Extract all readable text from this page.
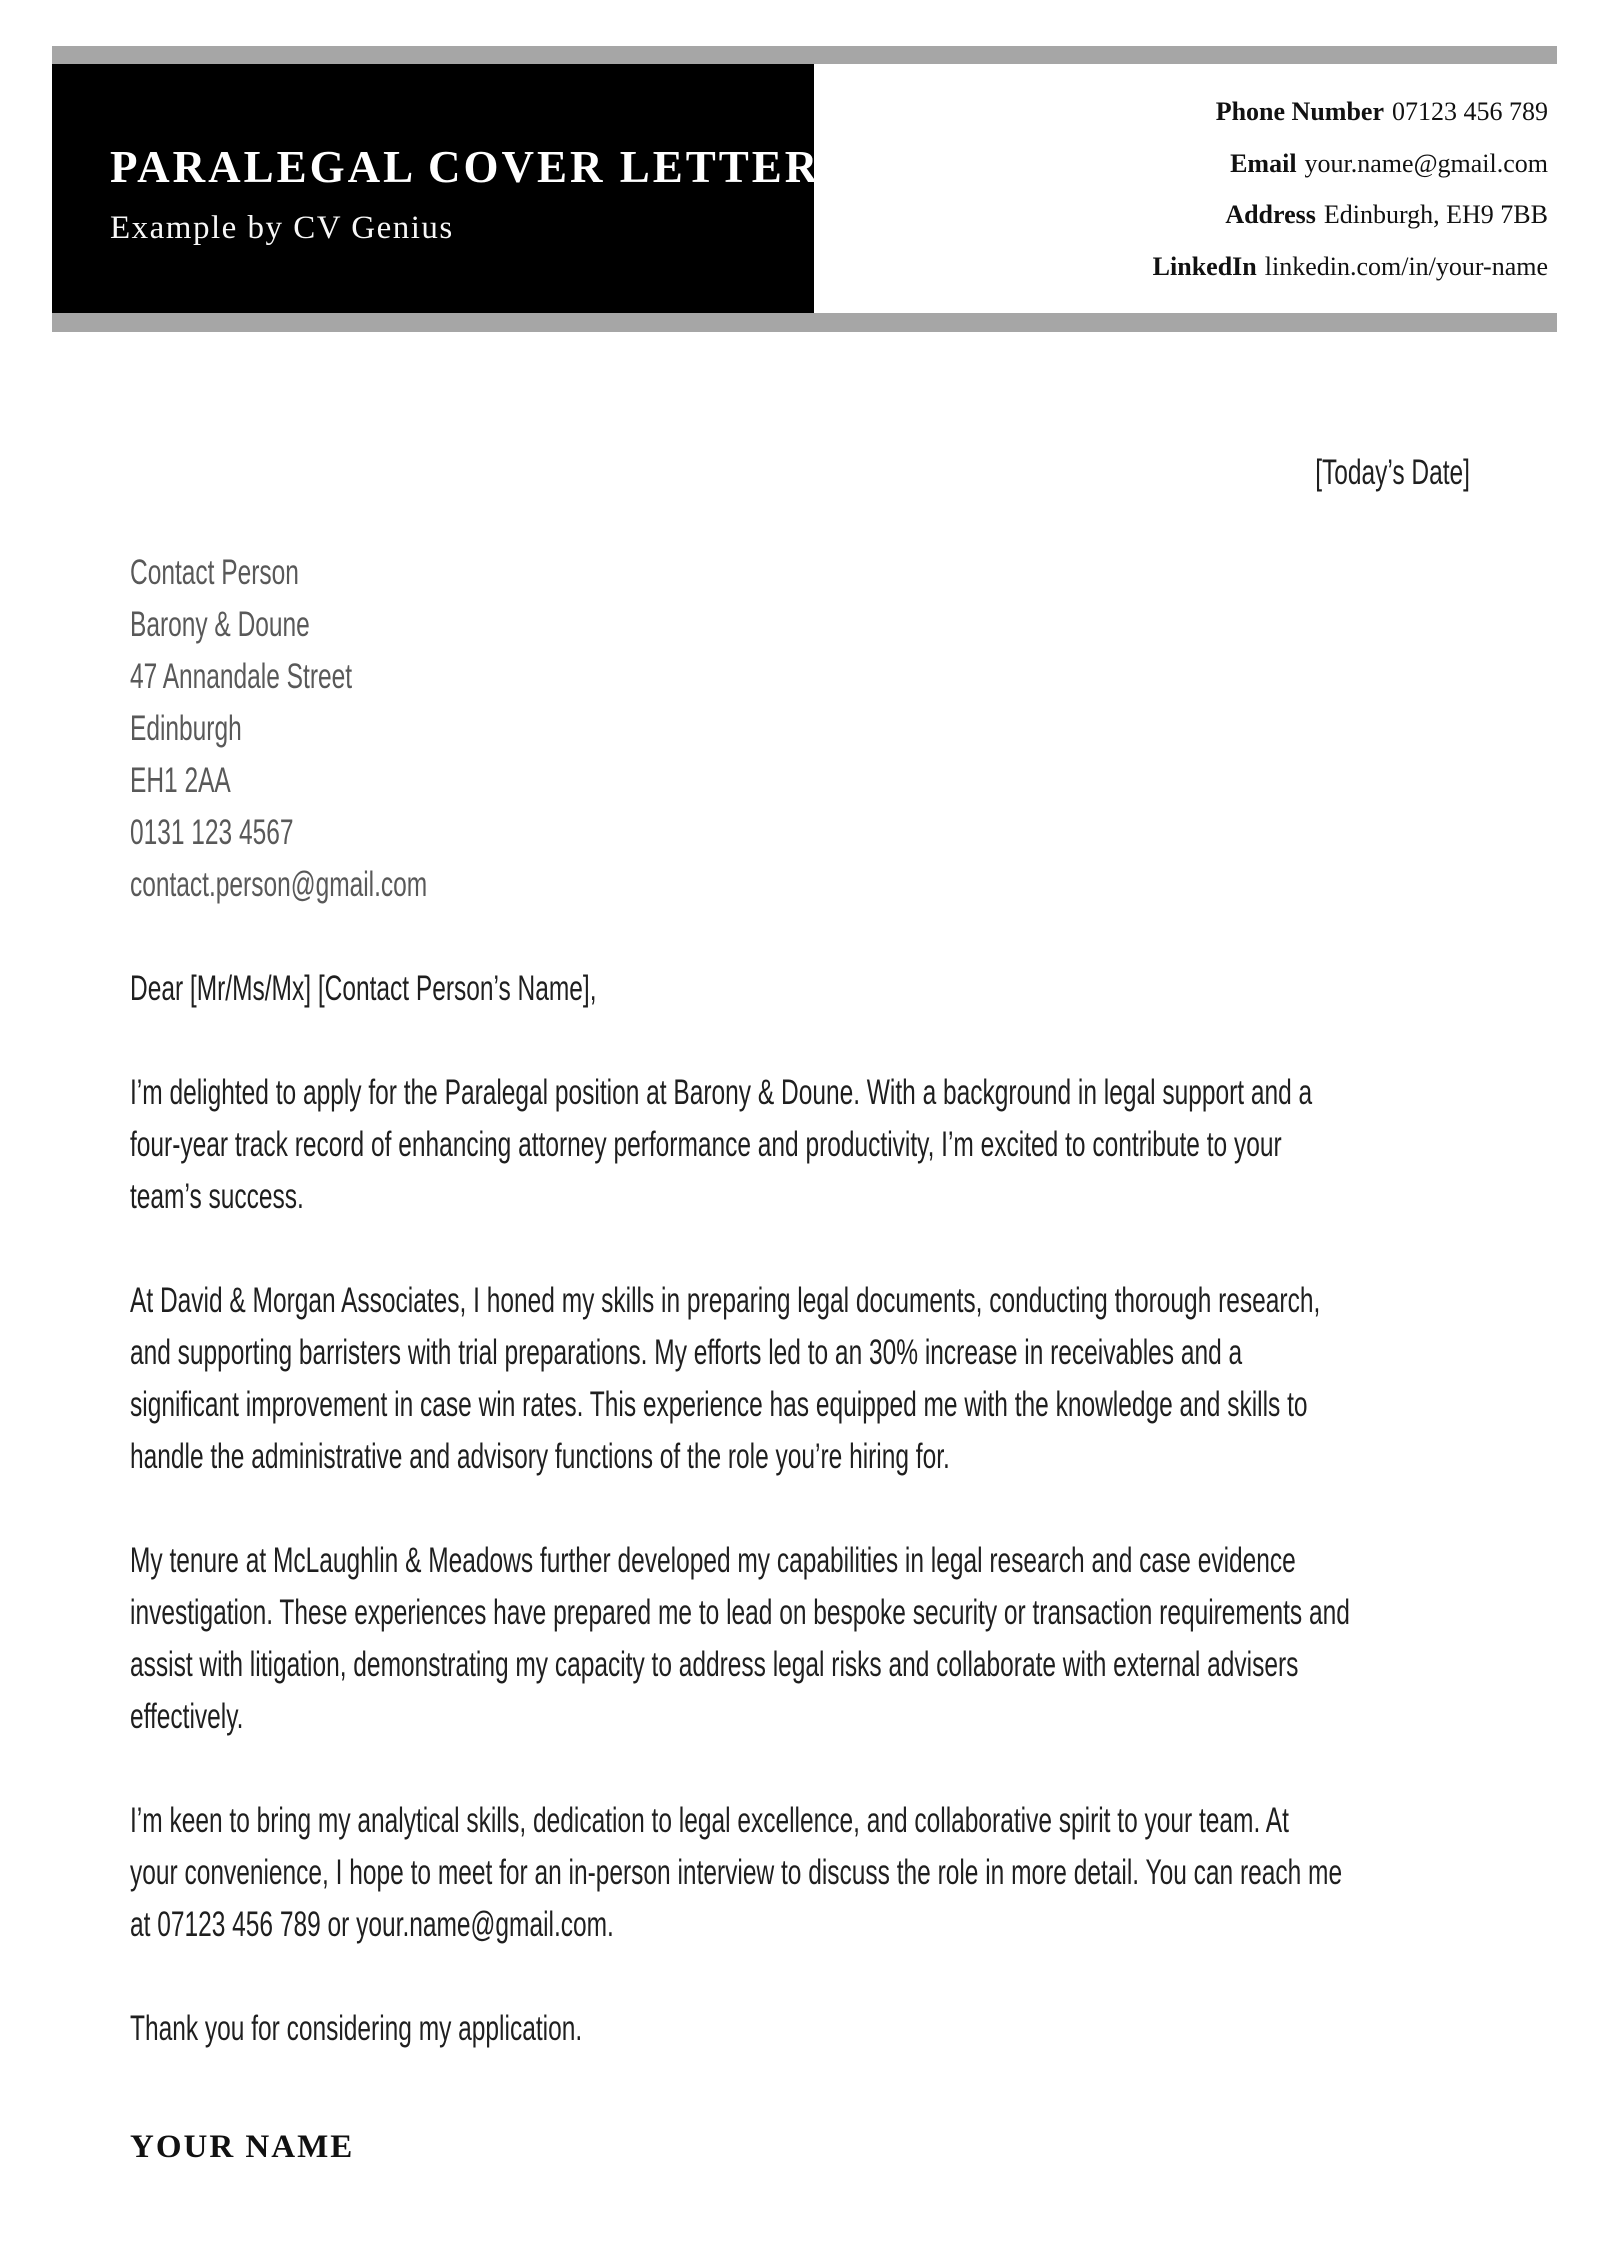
PARALEGAL COVER LETTER
Example by CV Genius
Phone Number 07123 456 789
Email your.name@gmail.com
Address Edinburgh, EH9 7BB
LinkedIn linkedin.com/in/your-name
[Today’s Date]
Contact Person
Barony & Doune
47 Annandale Street
Edinburgh
EH1 2AA
0131 123 4567
contact.person@gmail.com
Dear [Mr/Ms/Mx] [Contact Person’s Name],
I’m delighted to apply for the Paralegal position at Barony & Doune. With a background in legal support and a
four-year track record of enhancing attorney performance and productivity, I’m excited to contribute to your
team’s success.
At David & Morgan Associates, I honed my skills in preparing legal documents, conducting thorough research,
and supporting barristers with trial preparations. My efforts led to an 30% increase in receivables and a
significant improvement in case win rates. This experience has equipped me with the knowledge and skills to
handle the administrative and advisory functions of the role you’re hiring for.
My tenure at McLaughlin & Meadows further developed my capabilities in legal research and case evidence
investigation. These experiences have prepared me to lead on bespoke security or transaction requirements and
assist with litigation, demonstrating my capacity to address legal risks and collaborate with external advisers
effectively.
I’m keen to bring my analytical skills, dedication to legal excellence, and collaborative spirit to your team. At
your convenience, I hope to meet for an in-person interview to discuss the role in more detail. You can reach me
at 07123 456 789 or your.name@gmail.com.
Thank you for considering my application.
YOUR NAME
